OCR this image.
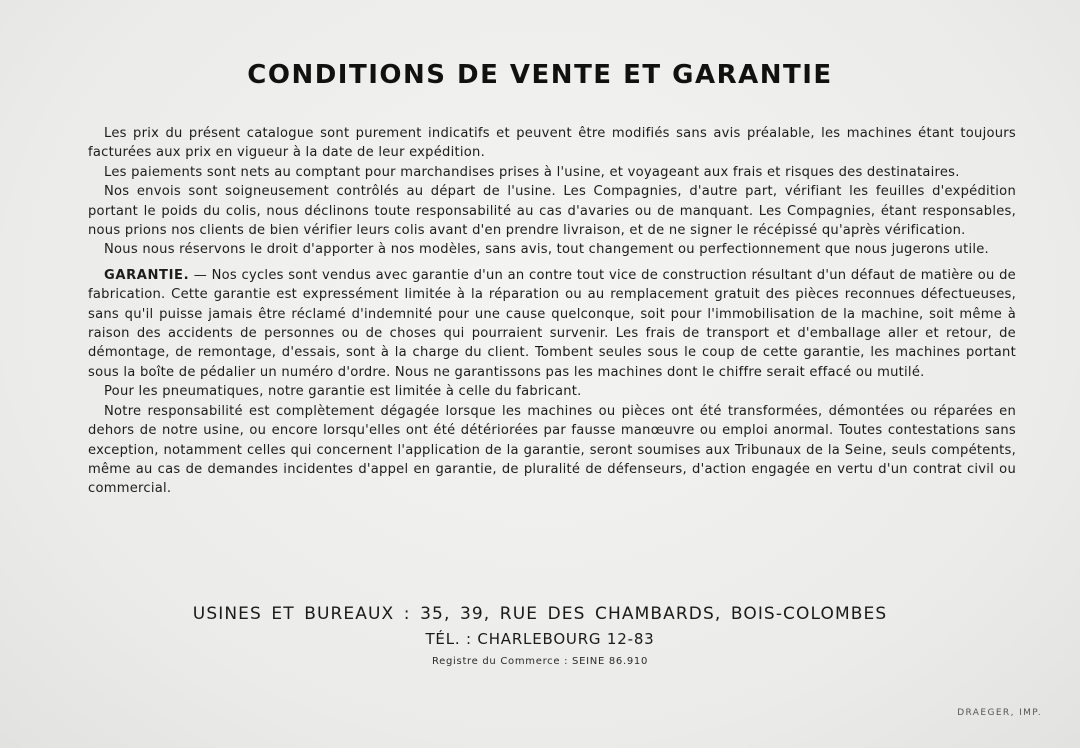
CONDITIONS DE VENTE ET GARANTIE

Les prix du présent catalogue sont purement indicatifs et peuvent être modifiés sans avis préalable, les machines étant toujours facturées aux prix en vigueur à la date de leur expédition.

Les paiements sont nets au comptant pour marchandises prises à l'usine, et voyageant aux frais et risques des destinataires.

Nos envois sont soigneusement contrôlés au départ de l'usine. Les Compagnies, d'autre part, vérifiant les feuilles d'expédition portant le poids du colis, nous déclinons toute responsabilité au cas d'avaries ou de manquant. Les Compagnies, étant responsables, nous prions nos clients de bien vérifier leurs colis avant d'en prendre livraison, et de ne signer le récépissé qu'après vérification.

Nous nous réservons le droit d'apporter à nos modèles, sans avis, tout changement ou perfectionnement que nous jugerons utile.

GARANTIE. — Nos cycles sont vendus avec garantie d'un an contre tout vice de construction résultant d'un défaut de matière ou de fabrication. Cette garantie est expressément limitée à la réparation ou au remplacement gratuit des pièces reconnues défectueuses, sans qu'il puisse jamais être réclamé d'indemnité pour une cause quelconque, soit pour l'immobilisation de la machine, soit même à raison des accidents de personnes ou de choses qui pourraient survenir. Les frais de transport et d'emballage aller et retour, de démontage, de remontage, d'essais, sont à la charge du client. Tombent seules sous le coup de cette garantie, les machines portant sous la boîte de pédalier un numéro d'ordre. Nous ne garantissons pas les machines dont le chiffre serait effacé ou mutilé.

Pour les pneumatiques, notre garantie est limitée à celle du fabricant.

Notre responsabilité est complètement dégagée lorsque les machines ou pièces ont été transformées, démontées ou réparées en dehors de notre usine, ou encore lorsqu'elles ont été détériorées par fausse manœuvre ou emploi anormal. Toutes contestations sans exception, notamment celles qui concernent l'application de la garantie, seront soumises aux Tribunaux de la Seine, seuls compétents, même au cas de demandes incidentes d'appel en garantie, de pluralité de défenseurs, d'action engagée en vertu d'un contrat civil ou commercial.

USINES ET BUREAUX : 35, 39, RUE DES CHAMBARDS, BOIS-COLOMBES
TÉL. : CHARLEBOURG 12-83
Registre du Commerce : SEINE 86.910
DRAEGER, IMP.
